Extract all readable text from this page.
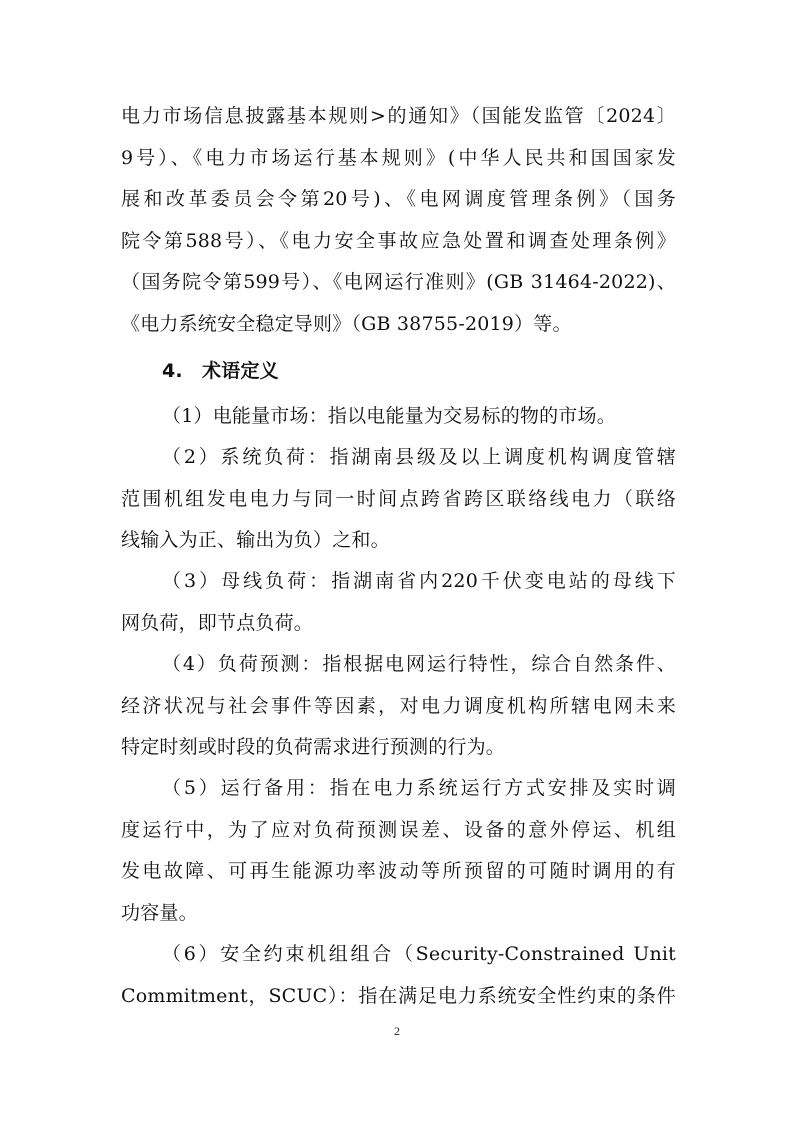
电力市场信息披露基本规则>的通知》（国能发监管〔2024〕
9号）、《电力市场运行基本规则》(中华人民共和国国家发
展和改革委员会令第20号)、《电网调度管理条例》（国务
院令第588号）、《电力安全事故应急处置和调查处理条例》
（国务院令第599号）、《电网运行准则》(GB 31464-2022)、
《电力系统安全稳定导则》（GB 38755-2019）等。
4.　术语定义
（1）电能量市场：指以电能量为交易标的物的市场。
（2）系统负荷：指湖南县级及以上调度机构调度管辖
范围机组发电电力与同一时间点跨省跨区联络线电力（联络
线输入为正、输出为负）之和。
（3）母线负荷：指湖南省内220千伏变电站的母线下
网负荷，即节点负荷。
（4）负荷预测：指根据电网运行特性，综合自然条件、
经济状况与社会事件等因素，对电力调度机构所辖电网未来
特定时刻或时段的负荷需求进行预测的行为。
（5）运行备用：指在电力系统运行方式安排及实时调
度运行中，为了应对负荷预测误差、设备的意外停运、机组
发电故障、可再生能源功率波动等所预留的可随时调用的有
功容量。
（6）安全约束机组组合（Security-Constrained Unit
Commitment，SCUC）：指在满足电力系统安全性约束的条件
2
